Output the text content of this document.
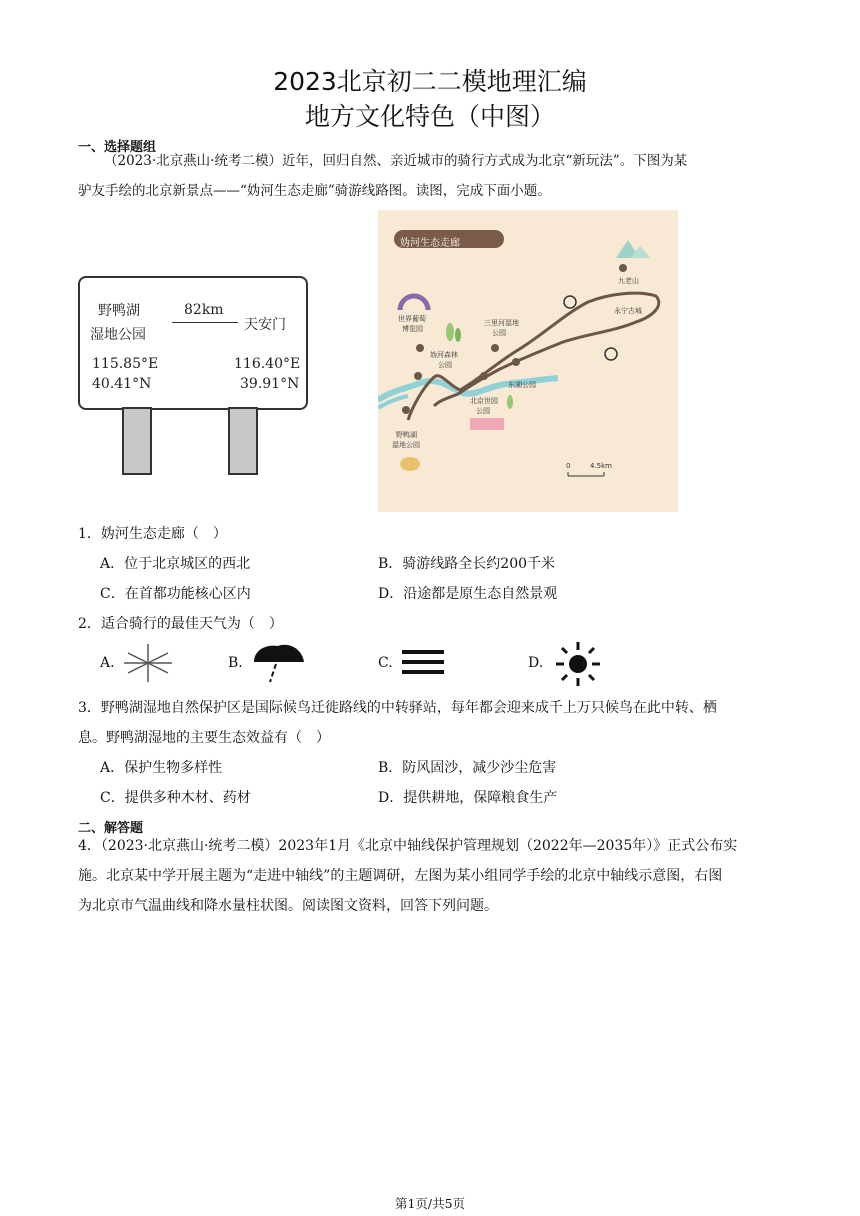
2023北京初二二模地理汇编
地方文化特色（中图）
一、选择题组
（2023·北京燕山·统考二模）近年，回归自然、亲近城市的骑行方式成为北京“新玩法”。下图为某
驴友手绘的北京新景点——“妫河生态走廊”骑游线路图。读图，完成下面小题。
野鸭湖
湿地公园
82km
天安门
115.85°E
40.41°N
116.40°E
39.91°N
妫河生态走廊
九老山
永宁古城
世界葡萄
博览园
三里河湿地
公园
妫河森林
公园
东湖公园
北京世园
公园
野鸭湖
湿地公园
0	4.5km
1．妫河生态走廊（　）
A．位于北京城区的西北	B．骑游线路全长约200千米
C．在首都功能核心区内	D．沿途都是原生态自然景观
2．适合骑行的最佳天气为（　）
A.	B.	C.	D.
3．野鸭湖湿地自然保护区是国际候鸟迁徙路线的中转驿站，每年都会迎来成千上万只候鸟在此中转、栖
息。野鸭湖湿地的主要生态效益有（　）
A．保护生物多样性	B．防风固沙，减少沙尘危害
C．提供多种木材、药材	D．提供耕地，保障粮食生产
二、解答题
4．（2023·北京燕山·统考二模）2023年1月《北京中轴线保护管理规划（2022年—2035年）》正式公布实
施。北京某中学开展主题为“走进中轴线”的主题调研，左图为某小组同学手绘的北京中轴线示意图，右图
为北京市气温曲线和降水量柱状图。阅读图文资料，回答下列问题。
第1页/共5页
